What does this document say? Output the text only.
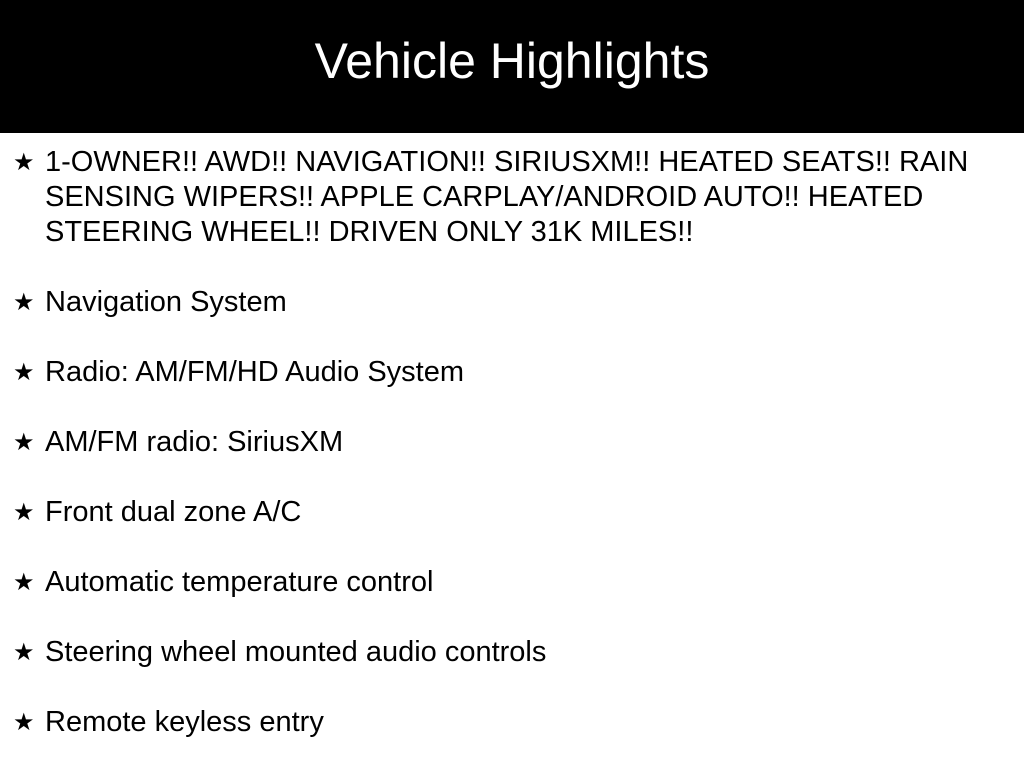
Vehicle Highlights
★ 1-OWNER!! AWD!! NAVIGATION!! SIRIUSXM!! HEATED SEATS!! RAIN SENSING WIPERS!! APPLE CARPLAY/ANDROID AUTO!! HEATED STEERING WHEEL!! DRIVEN ONLY 31K MILES!!
★ Navigation System
★ Radio: AM/FM/HD Audio System
★ AM/FM radio: SiriusXM
★ Front dual zone A/C
★ Automatic temperature control
★ Steering wheel mounted audio controls
★ Remote keyless entry
